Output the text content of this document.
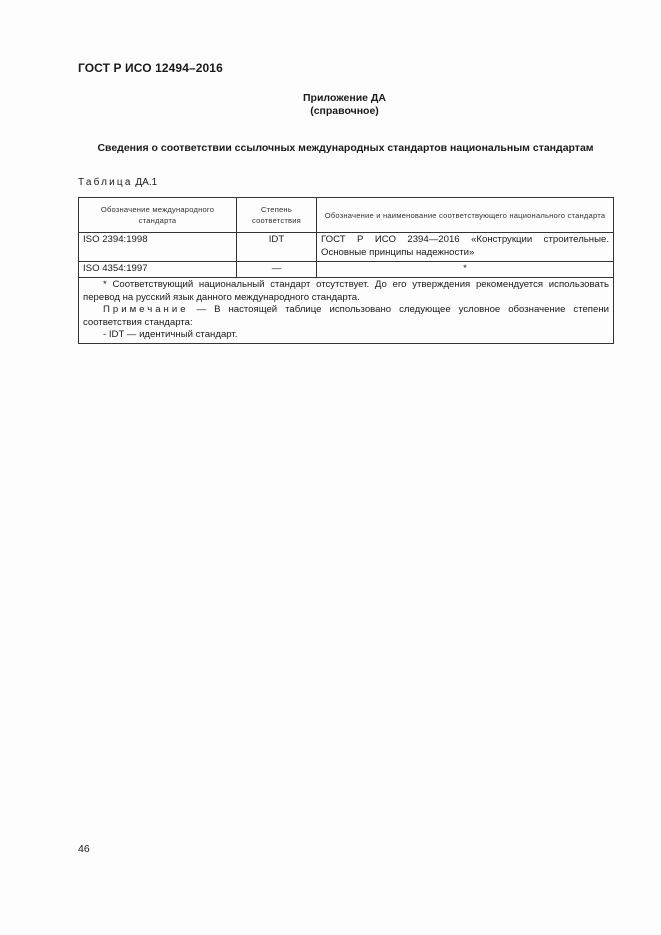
ГОСТ Р ИСО 12494–2016
Приложение ДА
(справочное)
Сведения о соответствии ссылочных международных стандартов национальным стандартам
Таблица ДА.1
Обозначение международного стандарта	Степень соответствия	Обозначение и наименование соответствующего национального стандарта
ISO 2394:1998	IDT	ГОСТ Р ИСО 2394—2016 «Конструкции строительные. Основные принципы надежности»
ISO 4354:1997	—	*

* Соответствующий национальный стандарт отсутствует. До его утверждения рекомендуется использовать перевод на русский язык данного международного стандарта.
Примечание — В настоящей таблице использовано следующее условное обозначение степени соответствия стандарта:
- IDT — идентичный стандарт.		
46
